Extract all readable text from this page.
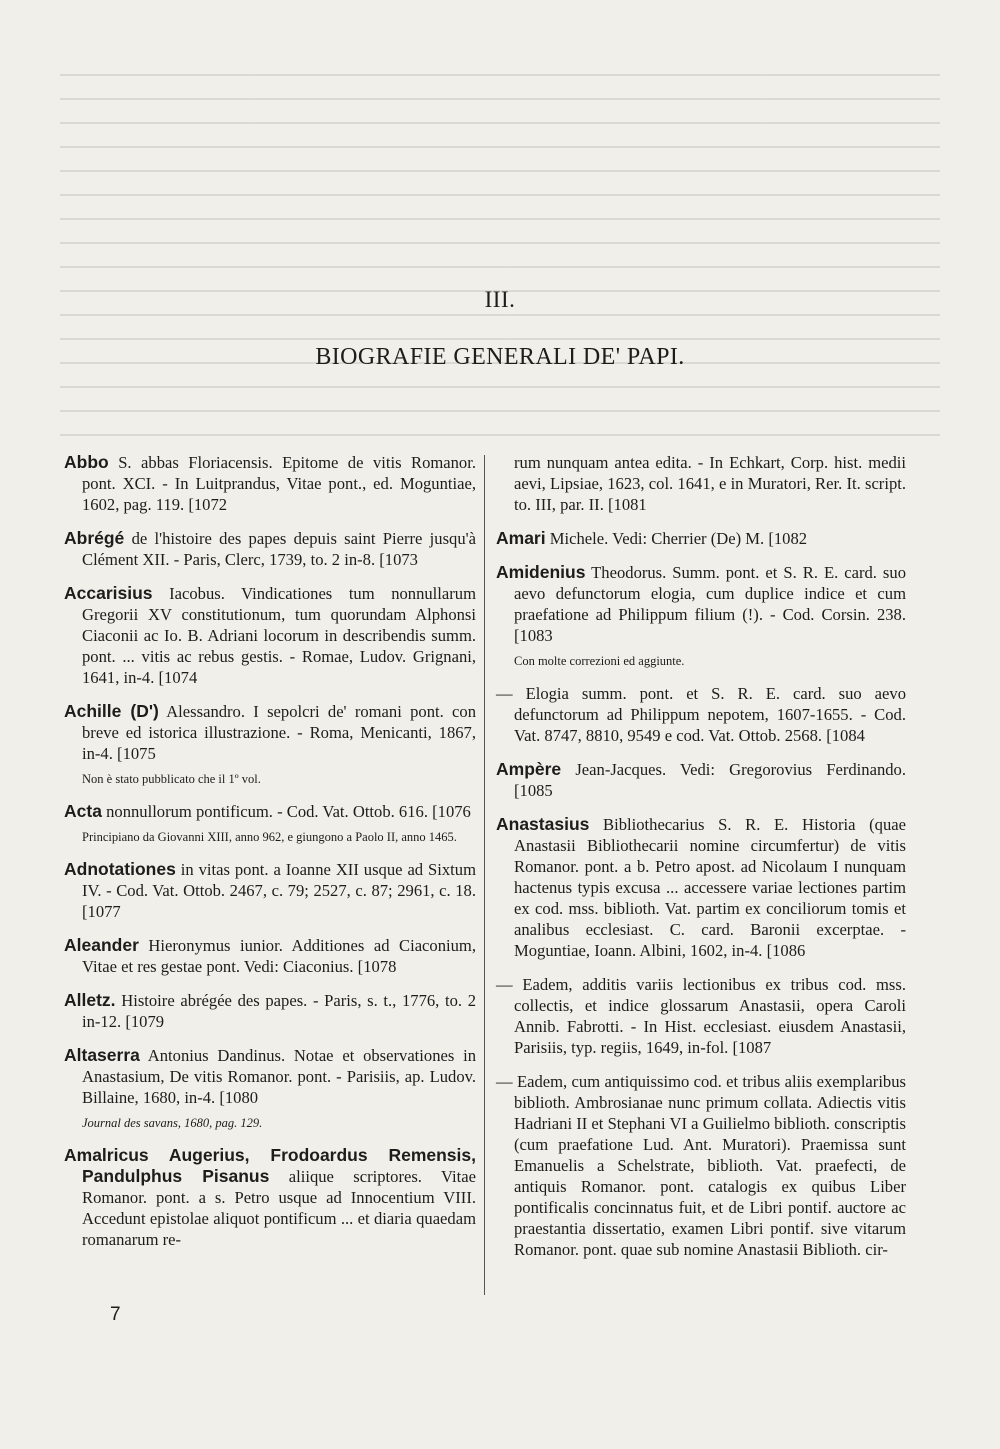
III.
BIOGRAFIE GENERALI DE' PAPI.
Abbo S. abbas Floriacensis. Epitome de vitis Romanor. pont. XCI. - In Luitprandus, Vitae pont., ed. Moguntiae, 1602, pag. 119. [1072
Abrégé de l'histoire des papes depuis saint Pierre jusqu'à Clément XII. - Paris, Clerc, 1739, to. 2 in-8. [1073
Accarisius Iacobus. Vindicationes tum nonnullarum Gregorii XV constitutionum, tum quorundam Alphonsi Ciaconii ac Io. B. Adriani locorum in describendis summ. pont. ... vitis ac rebus gestis. - Romae, Ludov. Grignani, 1641, in-4. [1074
Achille (D') Alessandro. I sepolcri de' romani pont. con breve ed istorica illustrazione. - Roma, Menicanti, 1867, in-4. [1075
Non è stato pubblicato che il 1º vol.
Acta nonnullorum pontificum. - Cod. Vat. Ottob. 616. [1076
Principiano da Giovanni XIII, anno 962, e giungono a Paolo II, anno 1465.
Adnotationes in vitas pont. a Ioanne XII usque ad Sixtum IV. - Cod. Vat. Ottob. 2467, c. 79; 2527, c. 87; 2961, c. 18. [1077
Aleander Hieronymus iunior. Additiones ad Ciaconium, Vitae et res gestae pont. Vedi: Ciaconius. [1078
Alletz. Histoire abrégée des papes. - Paris, s. t., 1776, to. 2 in-12. [1079
Altaserra Antonius Dandinus. Notae et observationes in Anastasium, De vitis Romanor. pont. - Parisiis, ap. Ludov. Billaine, 1680, in-4. [1080
Journal des savans, 1680, pag. 129.
Amalricus Augerius, Frodoardus Remensis, Pandulphus Pisanus aliique scriptores. Vitae Romanor. pont. a s. Petro usque ad Innocentium VIII. Accedunt epistolae aliquot pontificum ... et diaria quaedam romanarum re-
rum nunquam antea edita. - In Echkart, Corp. hist. medii aevi, Lipsiae, 1623, col. 1641, e in Muratori, Rer. It. script. to. III, par. II. [1081
Amari Michele. Vedi: Cherrier (De) M. [1082
Amidenius Theodorus. Summ. pont. et S. R. E. card. suo aevo defunctorum elogia, cum duplice indice et cum praefatione ad Philippum filium (!). - Cod. Corsin. 238. [1083
Con molte correzioni ed aggiunte.
— Elogia summ. pont. et S. R. E. card. suo aevo defunctorum ad Philippum nepotem, 1607-1655. - Cod. Vat. 8747, 8810, 9549 e cod. Vat. Ottob. 2568. [1084
Ampère Jean-Jacques. Vedi: Gregorovius Ferdinando. [1085
Anastasius Bibliothecarius S. R. E. Historia (quae Anastasii Bibliothecarii nomine circumfertur) de vitis Romanor. pont. a b. Petro apost. ad Nicolaum I nunquam hactenus typis excusa ... accessere variae lectiones partim ex cod. mss. biblioth. Vat. partim ex conciliorum tomis et analibus ecclesiast. C. card. Baronii excerptae. - Moguntiae, Ioann. Albini, 1602, in-4. [1086
— Eadem, additis variis lectionibus ex tribus cod. mss. collectis, et indice glossarum Anastasii, opera Caroli Annib. Fabrotti. - In Hist. ecclesiast. eiusdem Anastasii, Parisiis, typ. regiis, 1649, in-fol. [1087
— Eadem, cum antiquissimo cod. et tribus aliis exemplaribus biblioth. Ambrosianae nunc primum collata. Adiectis vitis Hadriani II et Stephani VI a Guilielmo biblioth. conscriptis (cum praefatione Lud. Ant. Muratori). Praemissa sunt Emanuelis a Schelstrate, biblioth. Vat. praefecti, de antiquis Romanor. pont. catalogis ex quibus Liber pontificalis concinnatus fuit, et de Libri pontif. auctore ac praestantia dissertatio, examen Libri pontif. sive vitarum Romanor. pont. quae sub nomine Anastasii Biblioth. cir-
7
